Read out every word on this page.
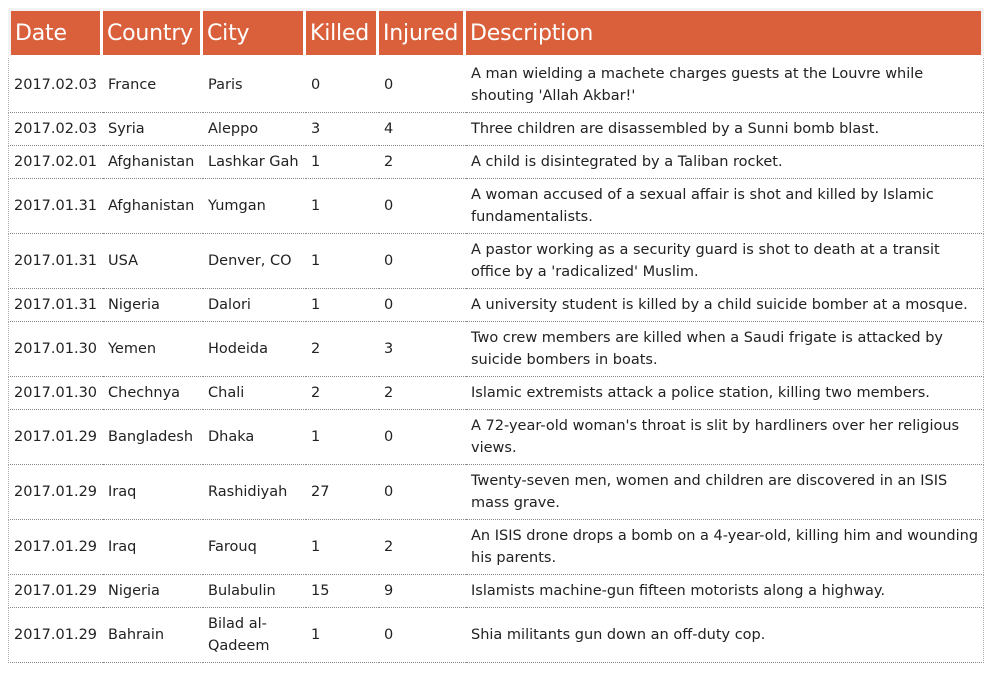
Date	Country	City	Killed	Injured	Description
2017.02.03	France	Paris	0	0	A man wielding a machete charges guests at the Louvre while shouting 'Allah Akbar!'
2017.02.03	Syria	Aleppo	3	4	Three children are disassembled by a Sunni bomb blast.
2017.02.01	Afghanistan	Lashkar Gah	1	2	A child is disintegrated by a Taliban rocket.
2017.01.31	Afghanistan	Yumgan	1	0	A woman accused of a sexual affair is shot and killed by Islamic fundamentalists.
2017.01.31	USA	Denver, CO	1	0	A pastor working as a security guard is shot to death at a transit office by a 'radicalized' Muslim.
2017.01.31	Nigeria	Dalori	1	0	A university student is killed by a child suicide bomber at a mosque.
2017.01.30	Yemen	Hodeida	2	3	Two crew members are killed when a Saudi frigate is attacked by suicide bombers in boats.
2017.01.30	Chechnya	Chali	2	2	Islamic extremists attack a police station, killing two members.
2017.01.29	Bangladesh	Dhaka	1	0	A 72-year-old woman's throat is slit by hardliners over her religious views.
2017.01.29	Iraq	Rashidiyah	27	0	Twenty-seven men, women and children are discovered in an ISIS mass grave.
2017.01.29	Iraq	Farouq	1	2	An ISIS drone drops a bomb on a 4-year-old, killing him and wounding his parents.
2017.01.29	Nigeria	Bulabulin	15	9	Islamists machine-gun fifteen motorists along a highway.
2017.01.29	Bahrain	Bilad al-Qadeem	1	0	Shia militants gun down an off-duty cop.
